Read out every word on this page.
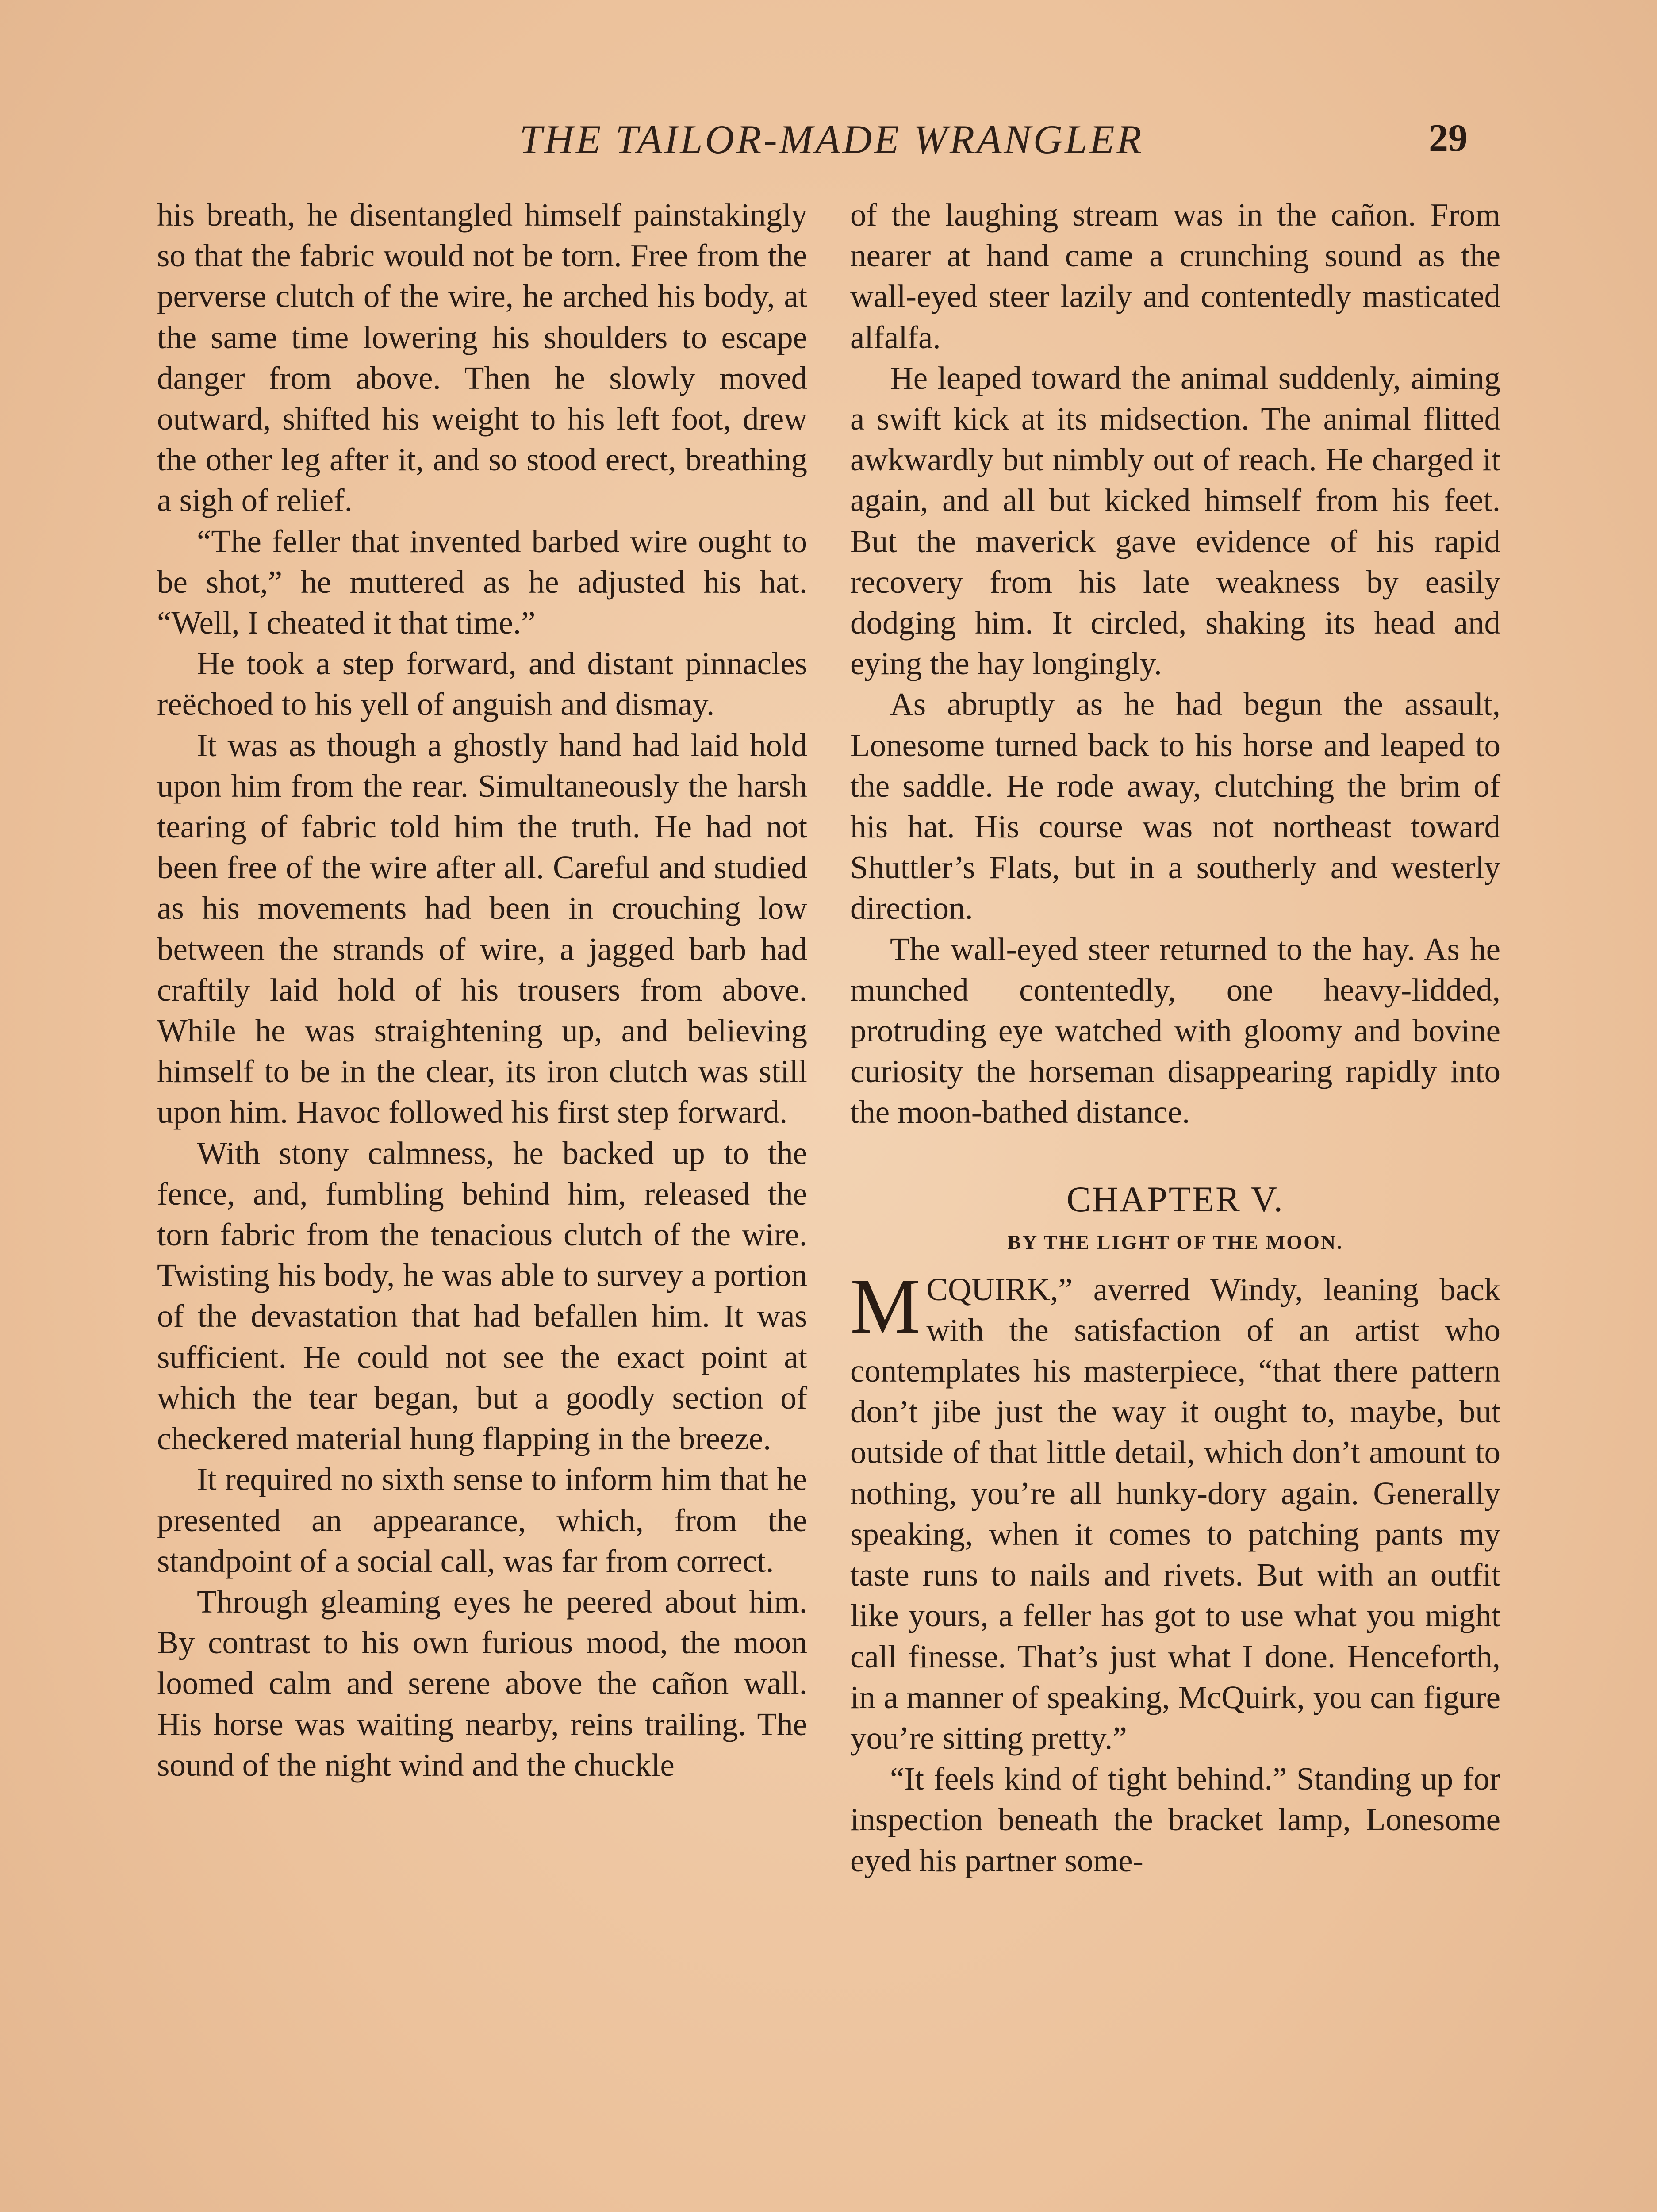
THE TAILOR-MADE WRANGLER	29

his breath, he disentangled himself painstakingly so that the fabric would not be torn. Free from the perverse clutch of the wire, he arched his body, at the same time lowering his shoulders to escape danger from above. Then he slowly moved outward, shifted his weight to his left foot, drew the other leg after it, and so stood erect, breathing a sigh of relief.

“The feller that invented barbed wire ought to be shot,” he muttered as he adjusted his hat. “Well, I cheated it that time.”

He took a step forward, and distant pinnacles reëchoed to his yell of anguish and dismay.

It was as though a ghostly hand had laid hold upon him from the rear. Simultaneously the harsh tearing of fabric told him the truth. He had not been free of the wire after all. Careful and studied as his movements had been in crouching low between the strands of wire, a jagged barb had craftily laid hold of his trousers from above. While he was straightening up, and believing himself to be in the clear, its iron clutch was still upon him. Havoc followed his first step forward.

With stony calmness, he backed up to the fence, and, fumbling behind him, released the torn fabric from the tenacious clutch of the wire. Twisting his body, he was able to survey a portion of the devastation that had befallen him. It was sufficient. He could not see the exact point at which the tear began, but a goodly section of checkered material hung flapping in the breeze.

It required no sixth sense to inform him that he presented an appearance, which, from the standpoint of a social call, was far from correct.

Through gleaming eyes he peered about him. By contrast to his own furious mood, the moon loomed calm and serene above the cañon wall. His horse was waiting nearby, reins trailing. The sound of the night wind and the chuckle

of the laughing stream was in the cañon. From nearer at hand came a crunching sound as the wall-eyed steer lazily and contentedly masticated alfalfa.

He leaped toward the animal suddenly, aiming a swift kick at its midsection. The animal flitted awkwardly but nimbly out of reach. He charged it again, and all but kicked himself from his feet. But the maverick gave evidence of his rapid recovery from his late weakness by easily dodging him. It circled, shaking its head and eying the hay longingly.

As abruptly as he had begun the assault, Lonesome turned back to his horse and leaped to the saddle. He rode away, clutching the brim of his hat. His course was not northeast toward Shuttler’s Flats, but in a southerly and westerly direction.

The wall-eyed steer returned to the hay. As he munched contentedly, one heavy-lidded, protruding eye watched with gloomy and bovine curiosity the horseman disappearing rapidly into the moon-bathed distance.

CHAPTER V.
BY THE LIGHT OF THE MOON.

MCQUIRK,” averred Windy, leaning back with the satisfaction of an artist who contemplates his masterpiece, “that there pattern don’t jibe just the way it ought to, maybe, but outside of that little detail, which don’t amount to nothing, you’re all hunky-dory again. Generally speaking, when it comes to patching pants my taste runs to nails and rivets. But with an outfit like yours, a feller has got to use what you might call finesse. That’s just what I done. Henceforth, in a manner of speaking, McQuirk, you can figure you’re sitting pretty.”

“It feels kind of tight behind.” Standing up for inspection beneath the bracket lamp, Lonesome eyed his partner some-
